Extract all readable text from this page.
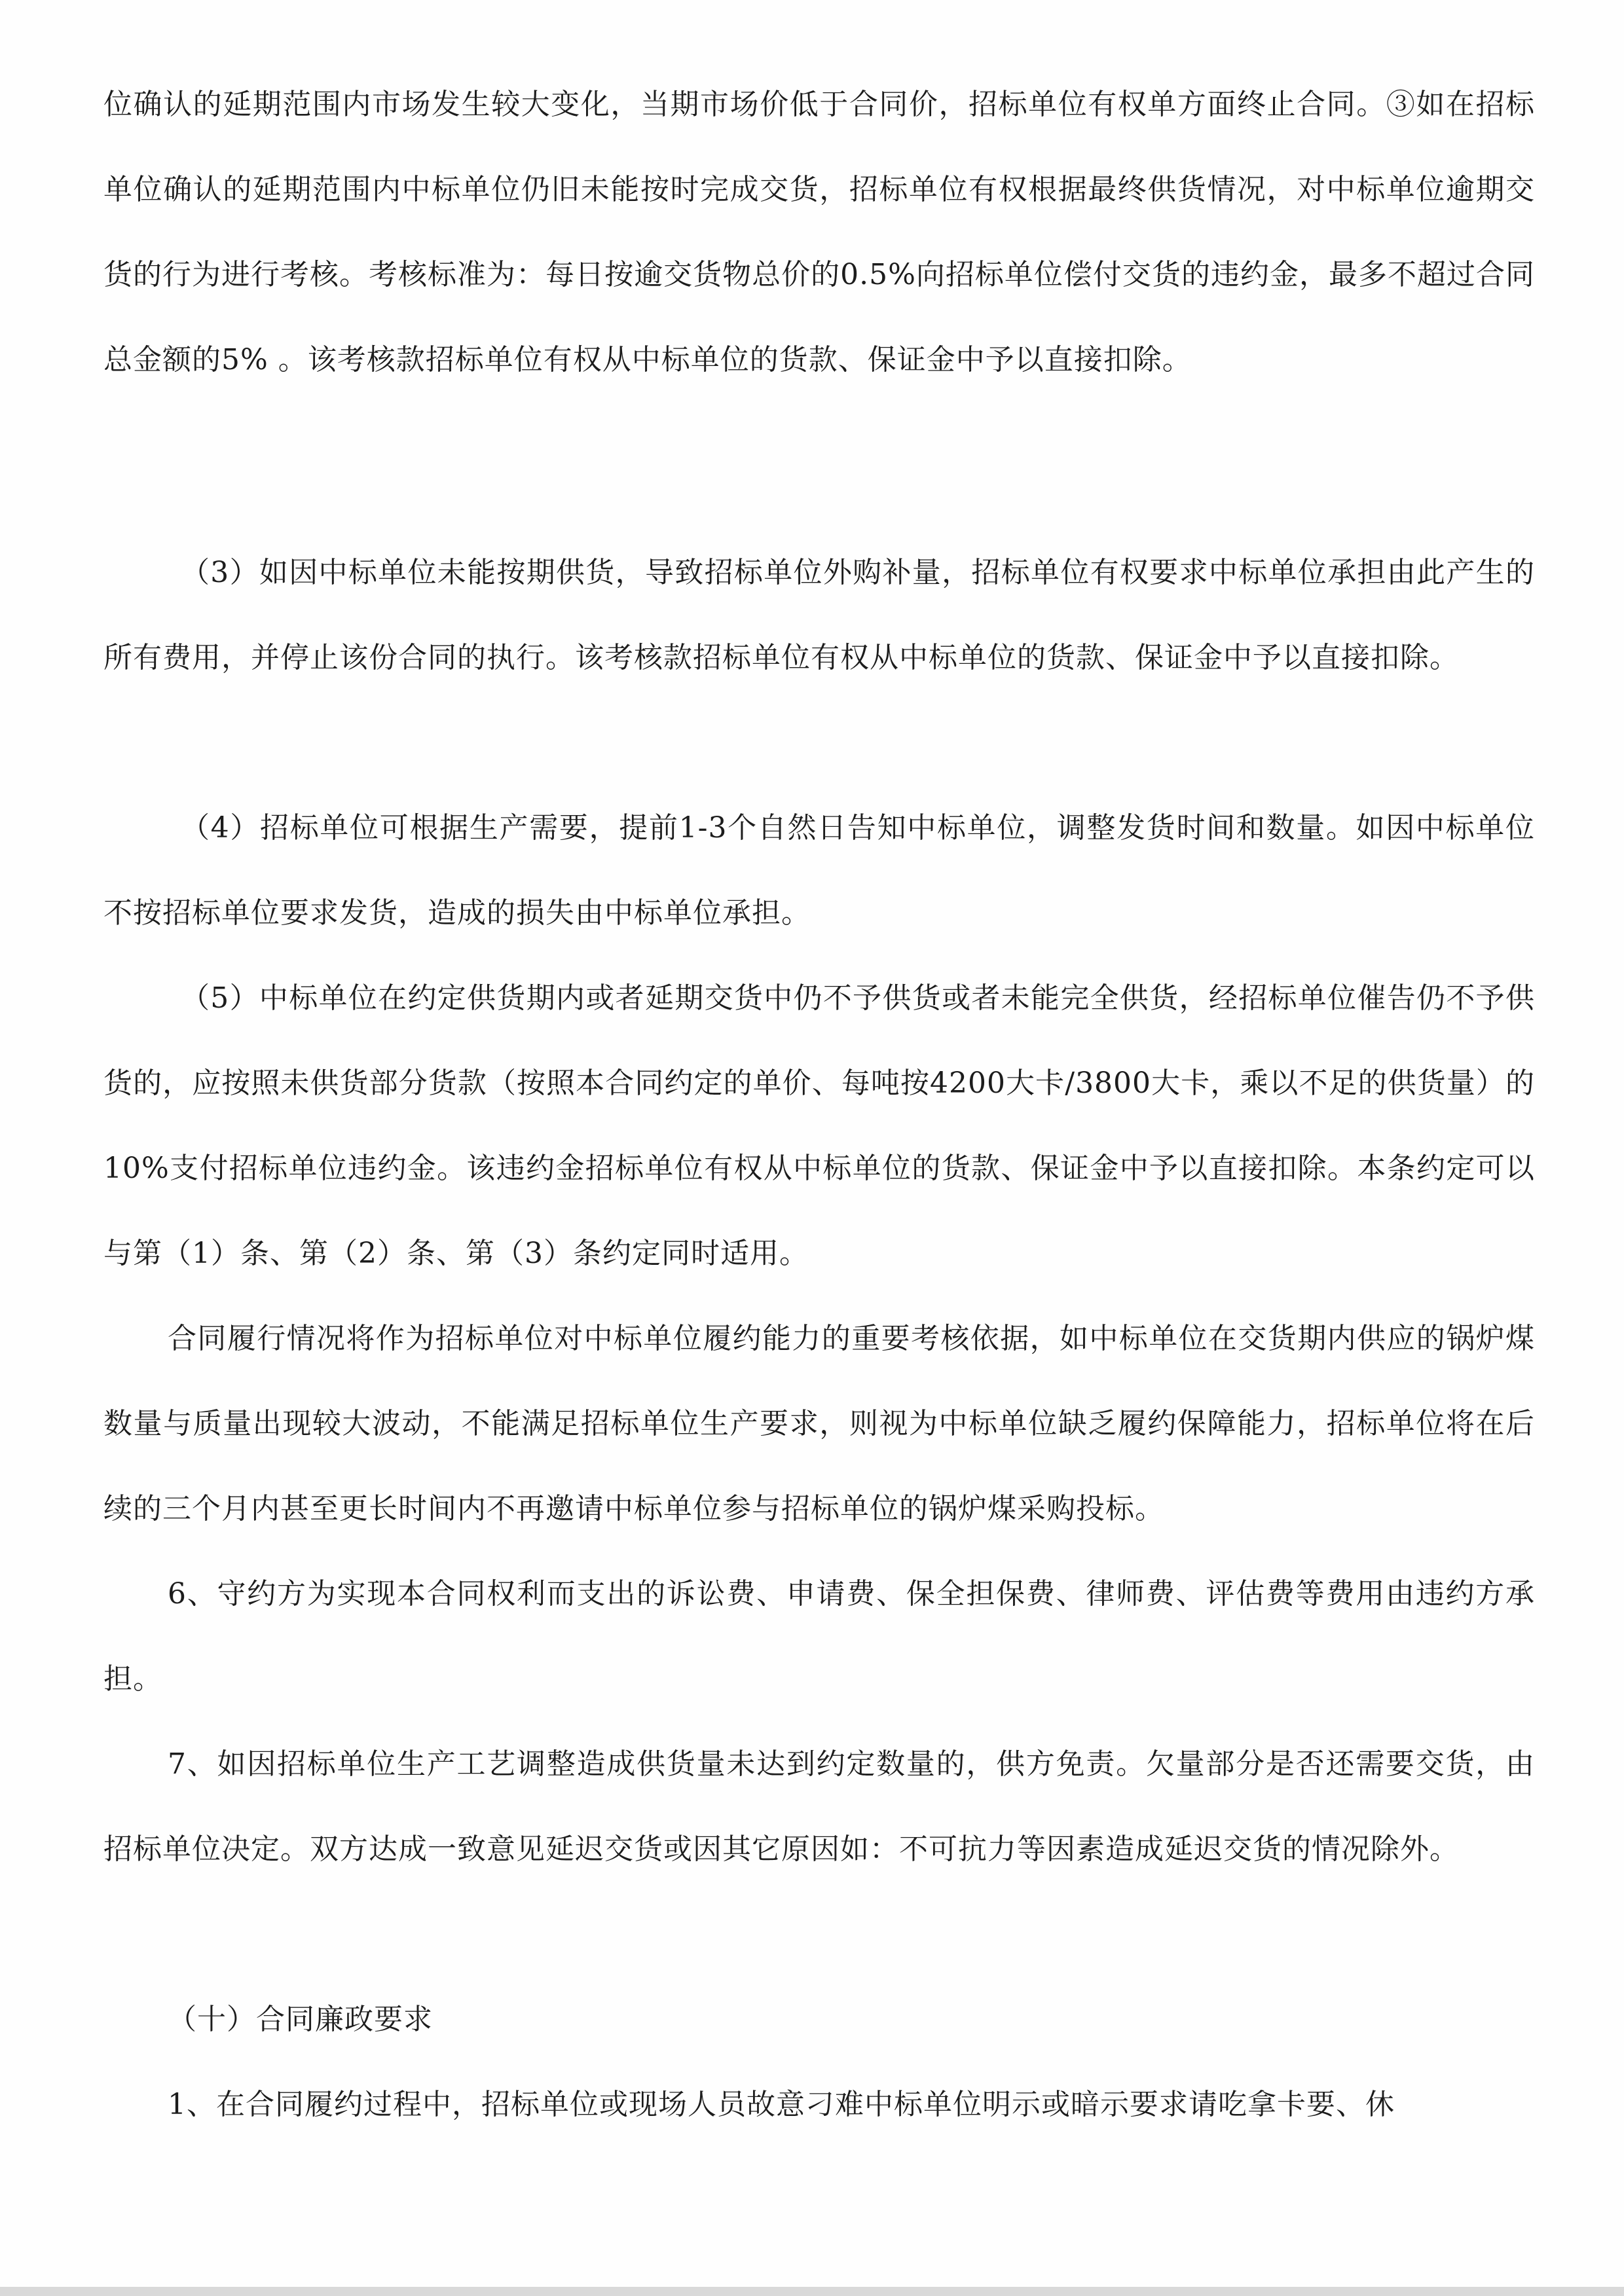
位确认的延期范围内市场发生较大变化，当期市场价低于合同价，招标单位有权单方面终止合同。③如在招标单位确认的延期范围内中标单位仍旧未能按时完成交货，招标单位有权根据最终供货情况，对中标单位逾期交货的行为进行考核。考核标准为：每日按逾交货物总价的0.5%向招标单位偿付交货的违约金，最多不超过合同总金额的5% 。该考核款招标单位有权从中标单位的货款、保证金中予以直接扣除。

（3）如因中标单位未能按期供货，导致招标单位外购补量，招标单位有权要求中标单位承担由此产生的所有费用，并停止该份合同的执行。该考核款招标单位有权从中标单位的货款、保证金中予以直接扣除。

（4）招标单位可根据生产需要，提前1-3个自然日告知中标单位，调整发货时间和数量。如因中标单位不按招标单位要求发货，造成的损失由中标单位承担。

（5）中标单位在约定供货期内或者延期交货中仍不予供货或者未能完全供货，经招标单位催告仍不予供货的，应按照未供货部分货款（按照本合同约定的单价、每吨按4200大卡/3800大卡，乘以不足的供货量）的10%支付招标单位违约金。该违约金招标单位有权从中标单位的货款、保证金中予以直接扣除。本条约定可以与第（1）条、第（2）条、第（3）条约定同时适用。

合同履行情况将作为招标单位对中标单位履约能力的重要考核依据，如中标单位在交货期内供应的锅炉煤数量与质量出现较大波动，不能满足招标单位生产要求，则视为中标单位缺乏履约保障能力，招标单位将在后续的三个月内甚至更长时间内不再邀请中标单位参与招标单位的锅炉煤采购投标。

6、守约方为实现本合同权利而支出的诉讼费、申请费、保全担保费、律师费、评估费等费用由违约方承担。

7、如因招标单位生产工艺调整造成供货量未达到约定数量的，供方免责。欠量部分是否还需要交货，由招标单位决定。双方达成一致意见延迟交货或因其它原因如：不可抗力等因素造成延迟交货的情况除外。

（十）合同廉政要求

1、在合同履约过程中，招标单位或现场人员故意刁难中标单位明示或暗示要求请吃拿卡要、休
